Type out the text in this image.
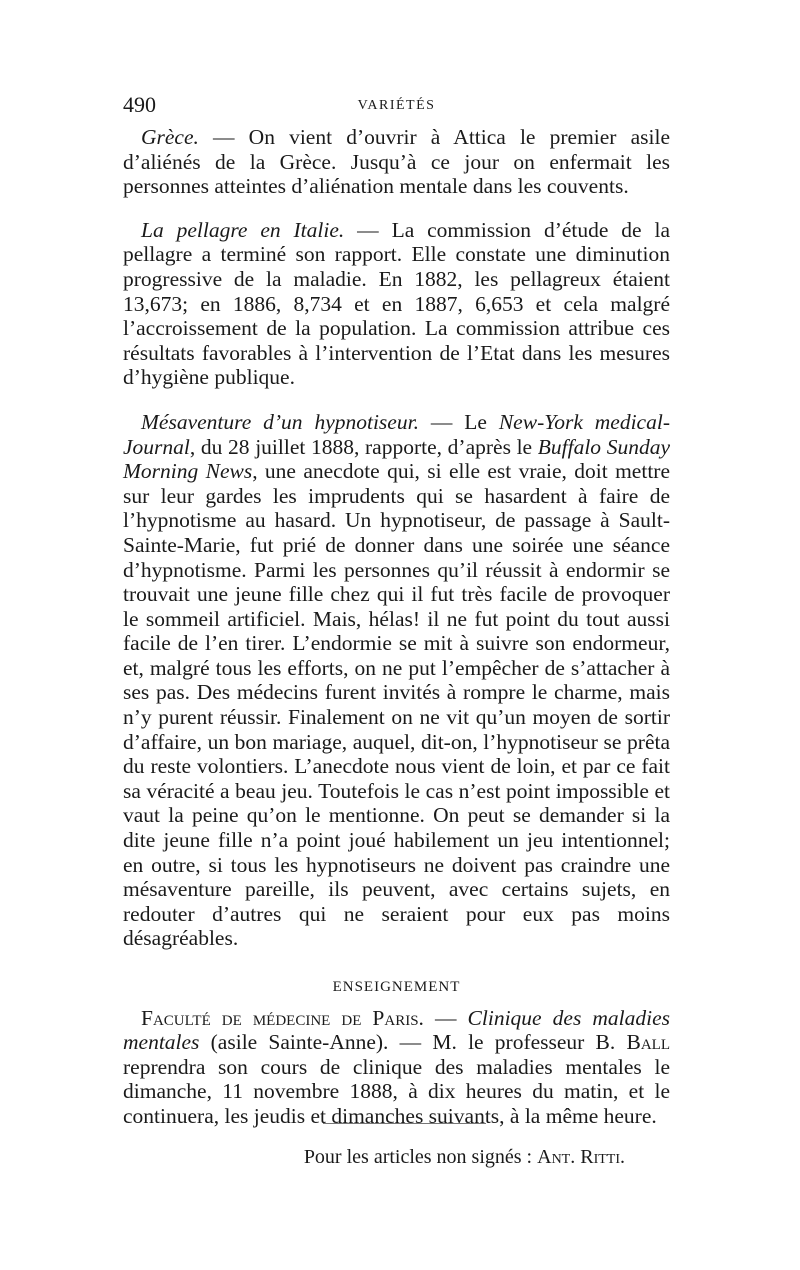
490	VARIÉTÉS

Grèce. — On vient d’ouvrir à Attica le premier asile d’aliénés de la Grèce. Jusqu’à ce jour on enfermait les personnes atteintes d’aliénation mentale dans les couvents.

La pellagre en Italie. — La commission d’étude de la pellagre a terminé son rapport. Elle constate une diminution progressive de la maladie. En 1882, les pellagreux étaient 13,673; en 1886, 8,734 et en 1887, 6,653 et cela malgré l’accroissement de la population. La commission attribue ces résultats favorables à l’intervention de l’Etat dans les mesures d’hygiène publique.

Mésaventure d’un hypnotiseur. — Le New-York medical-Journal, du 28 juillet 1888, rapporte, d’après le Buffalo Sunday Morning News, une anecdote qui, si elle est vraie, doit mettre sur leur gardes les imprudents qui se hasardent à faire de l’hypnotisme au hasard. Un hypnotiseur, de passage à Sault-Sainte-Marie, fut prié de donner dans une soirée une séance d’hypnotisme. Parmi les personnes qu’il réussit à endormir se trouvait une jeune fille chez qui il fut très facile de provoquer le sommeil artificiel. Mais, hélas! il ne fut point du tout aussi facile de l’en tirer. L’endormie se mit à suivre son endormeur, et, malgré tous les efforts, on ne put l’empêcher de s’attacher à ses pas. Des médecins furent invités à rompre le charme, mais n’y purent réussir. Finalement on ne vit qu’un moyen de sortir d’affaire, un bon mariage, auquel, dit-on, l’hypnotiseur se prêta du reste volontiers. L’anecdote nous vient de loin, et par ce fait sa véracité a beau jeu. Toutefois le cas n’est point impossible et vaut la peine qu’on le mentionne. On peut se demander si la dite jeune fille n’a point joué habilement un jeu intentionnel; en outre, si tous les hypnotiseurs ne doivent pas craindre une mésaventure pareille, ils peuvent, avec certains sujets, en redouter d’autres qui ne seraient pour eux pas moins désagréables.

ENSEIGNEMENT

Faculté de médecine de Paris. — Clinique des maladies mentales (asile Sainte-Anne). — M. le professeur B. Ball reprendra son cours de clinique des maladies mentales le dimanche, 11 novembre 1888, à dix heures du matin, et le continuera, les jeudis et dimanches suivants, à la même heure.

Pour les articles non signés : Ant. Ritti.
